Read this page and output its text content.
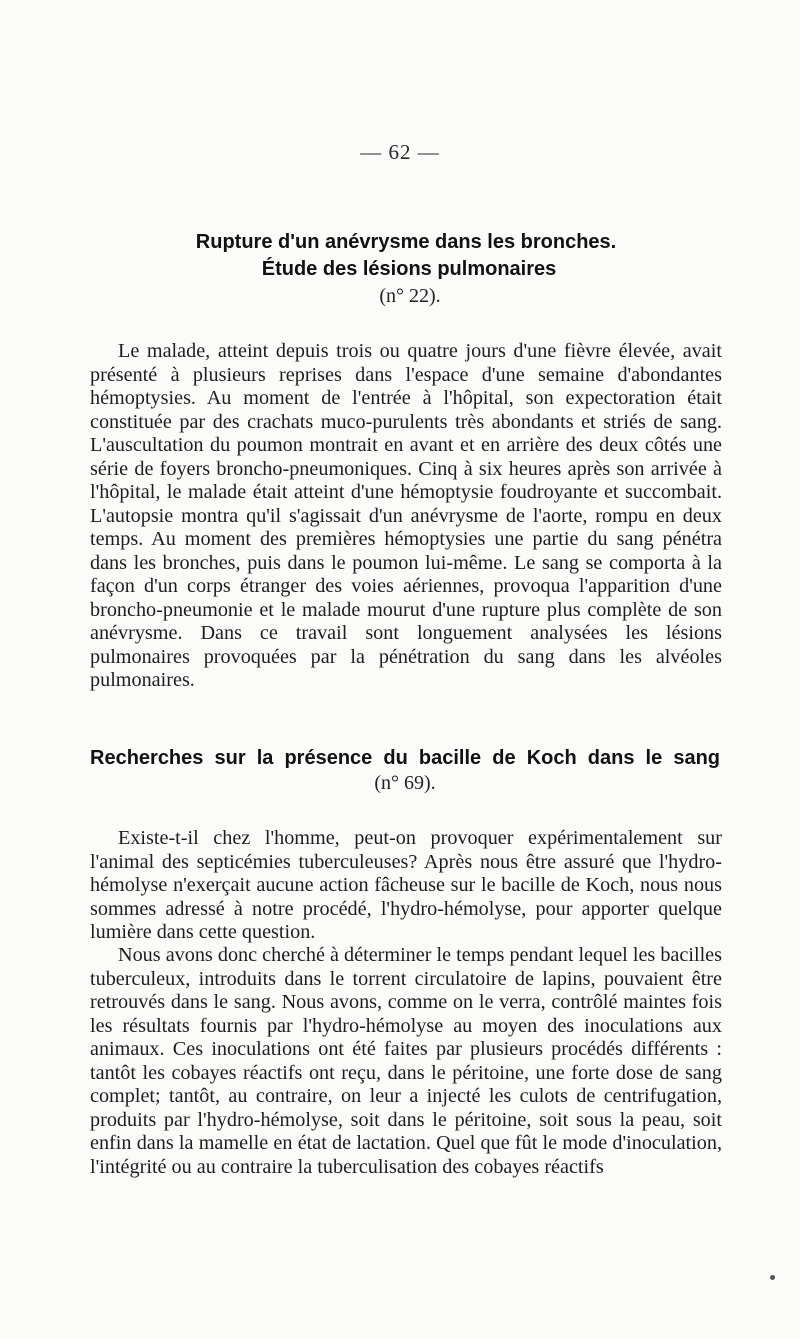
— 62 —
Rupture d'un anévrysme dans les bronches.
Étude des lésions pulmonaires
(n° 22).

Le malade, atteint depuis trois ou quatre jours d'une fièvre élevée, avait présenté à plusieurs reprises dans l'espace d'une semaine d'abondantes hémoptysies. Au moment de l'entrée à l'hôpital, son expectoration était constituée par des crachats muco-purulents très abondants et striés de sang. L'auscultation du poumon montrait en avant et en arrière des deux côtés une série de foyers broncho-pneumoniques. Cinq à six heures après son arrivée à l'hôpital, le malade était atteint d'une hémoptysie foudroyante et succombait. L'autopsie montra qu'il s'agissait d'un anévrysme de l'aorte, rompu en deux temps. Au moment des premières hémoptysies une partie du sang pénétra dans les bronches, puis dans le poumon lui-même. Le sang se comporta à la façon d'un corps étranger des voies aériennes, provoqua l'apparition d'une broncho-pneumonie et le malade mourut d'une rupture plus complète de son anévrysme. Dans ce travail sont longuement analysées les lésions pulmonaires provoquées par la pénétration du sang dans les alvéoles pulmonaires.

Recherches sur la présence du bacille de Koch dans le sang
(n° 69).

Existe-t-il chez l'homme, peut-on provoquer expérimentalement sur l'animal des septicémies tuberculeuses? Après nous être assuré que l'hydro-hémolyse n'exerçait aucune action fâcheuse sur le bacille de Koch, nous nous sommes adressé à notre procédé, l'hydro-hémolyse, pour apporter quelque lumière dans cette question.

Nous avons donc cherché à déterminer le temps pendant lequel les bacilles tuberculeux, introduits dans le torrent circulatoire de lapins, pouvaient être retrouvés dans le sang. Nous avons, comme on le verra, contrôlé maintes fois les résultats fournis par l'hydro-hémolyse au moyen des inoculations aux animaux. Ces inoculations ont été faites par plusieurs procédés différents : tantôt les cobayes réactifs ont reçu, dans le péritoine, une forte dose de sang complet; tantôt, au contraire, on leur a injecté les culots de centrifugation, produits par l'hydro-hémolyse, soit dans le péritoine, soit sous la peau, soit enfin dans la mamelle en état de lactation. Quel que fût le mode d'inoculation, l'intégrité ou au contraire la tuberculisation des cobayes réactifs
